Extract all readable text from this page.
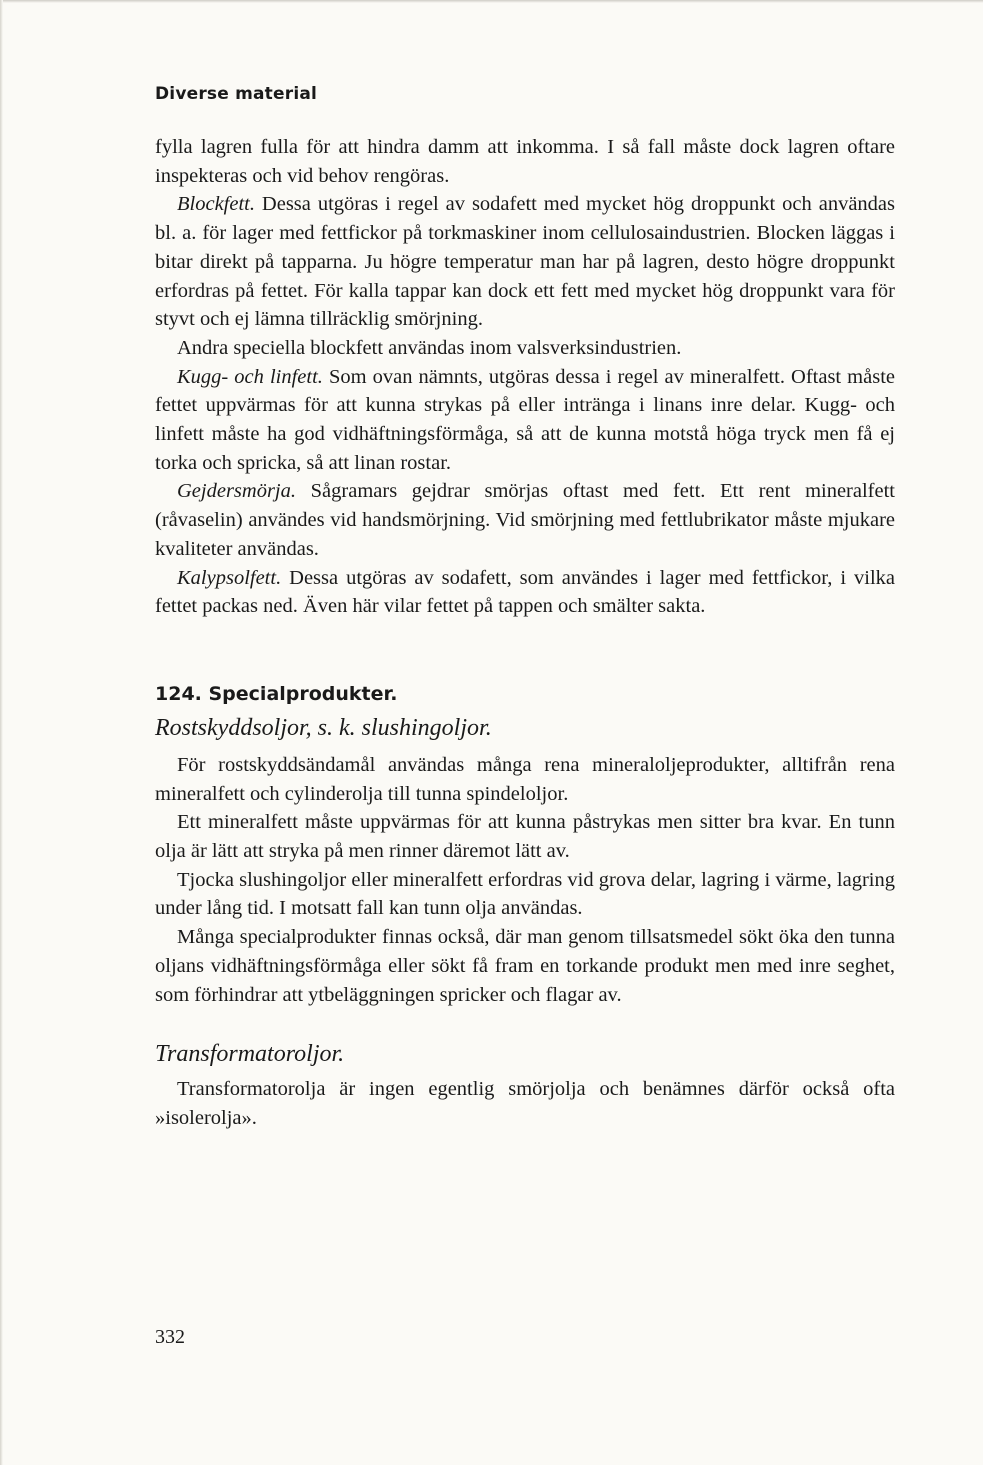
Diverse material

fylla lagren fulla för att hindra damm att inkomma. I så fall måste dock lagren oftare inspekteras och vid behov rengöras.

Blockfett. Dessa utgöras i regel av sodafett med mycket hög droppunkt och användas bl. a. för lager med fettfickor på torkmaskiner inom cellulosaindustrien. Blocken läggas i bitar direkt på tapparna. Ju högre temperatur man har på lagren, desto högre droppunkt erfordras på fettet. För kalla tappar kan dock ett fett med mycket hög droppunkt vara för styvt och ej lämna tillräcklig smörjning.

Andra speciella blockfett användas inom valsverksindustrien.

Kugg- och linfett. Som ovan nämnts, utgöras dessa i regel av mineralfett. Oftast måste fettet uppvärmas för att kunna strykas på eller intränga i linans inre delar. Kugg- och linfett måste ha god vidhäftningsförmåga, så att de kunna motstå höga tryck men få ej torka och spricka, så att linan rostar.

Gejdersmörja. Sågramars gejdrar smörjas oftast med fett. Ett rent mineralfett (råvaselin) användes vid handsmörjning. Vid smörjning med fettlubrikator måste mjukare kvaliteter användas.

Kalypsolfett. Dessa utgöras av sodafett, som användes i lager med fettfickor, i vilka fettet packas ned. Även här vilar fettet på tappen och smälter sakta.

124. Specialprodukter.
Rostskyddsoljor, s. k. slushingoljor.

För rostskyddsändamål användas många rena mineraloljeprodukter, alltifrån rena mineralfett och cylinderolja till tunna spindeloljor.

Ett mineralfett måste uppvärmas för att kunna påstrykas men sitter bra kvar. En tunn olja är lätt att stryka på men rinner däremot lätt av.

Tjocka slushingoljor eller mineralfett erfordras vid grova delar, lagring i värme, lagring under lång tid. I motsatt fall kan tunn olja användas.

Många specialprodukter finnas också, där man genom tillsatsmedel sökt öka den tunna oljans vidhäftningsförmåga eller sökt få fram en torkande produkt men med inre seghet, som förhindrar att ytbeläggningen spricker och flagar av.

Transformatoroljor.

Transformatorolja är ingen egentlig smörjolja och benämnes därför också ofta »isolerolja».

332
